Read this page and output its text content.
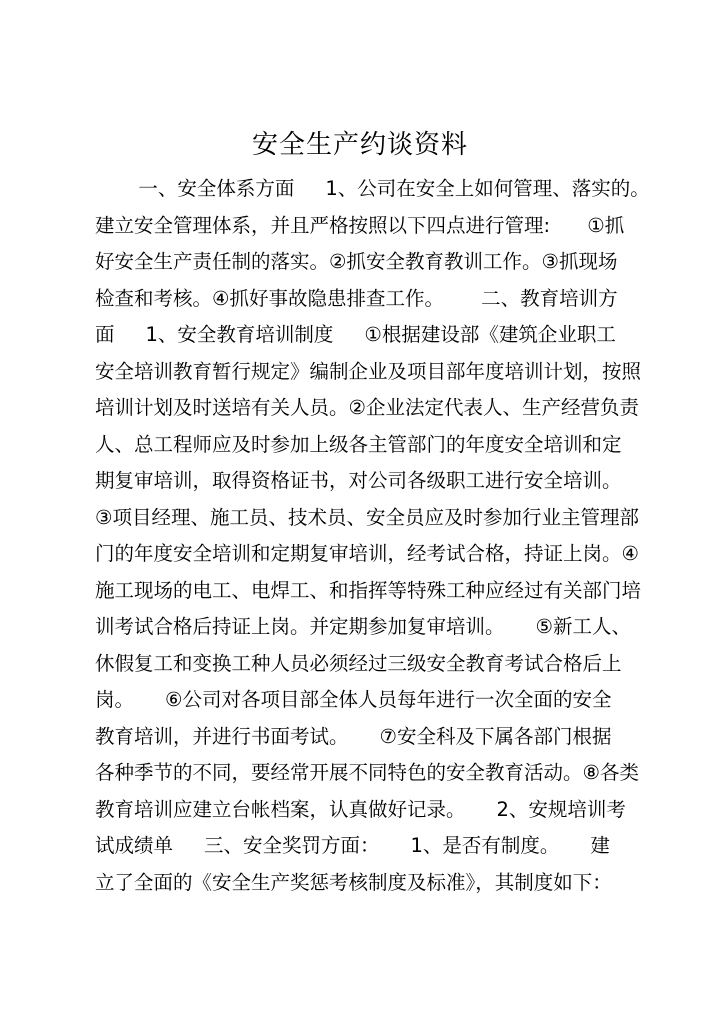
安全生产约谈资料
一、安全体系方面     1、公司在安全上如何管理、落实的。
建立安全管理体系，并且严格按照以下四点进行管理:      ①抓
好安全生产责任制的落实。②抓安全教育教训工作。③抓现场
检查和考核。④抓好事故隐患排查工作。      二、教育培训方
面     1、安全教育培训制度     ①根据建设部《建筑企业职工
安全培训教育暂行规定》编制企业及项目部年度培训计划，按照
培训计划及时送培有关人员。②企业法定代表人、生产经营负责
人、总工程师应及时参加上级各主管部门的年度安全培训和定
期复审培训，取得资格证书，对公司各级职工进行安全培训。
③项目经理、施工员、技术员、安全员应及时参加行业主管理部
门的年度安全培训和定期复审培训，经考试合格，持证上岗。④
施工现场的电工、电焊工、和指挥等特殊工种应经过有关部门培
训考试合格后持证上岗。并定期参加复审培训。     ⑤新工人、
休假复工和变换工种人员必须经过三级安全教育考试合格后上
岗。     ⑥公司对各项目部全体人员每年进行一次全面的安全
教育培训，并进行书面考试。     ⑦安全科及下属各部门根据
各种季节的不同，要经常开展不同特色的安全教育活动。⑧各类
教育培训应建立台帐档案，认真做好记录。     2、安规培训考
试成绩单     三、安全奖罚方面：     1、是否有制度。     建
立了全面的《安全生产奖惩考核制度及标准》，其制度如下：
